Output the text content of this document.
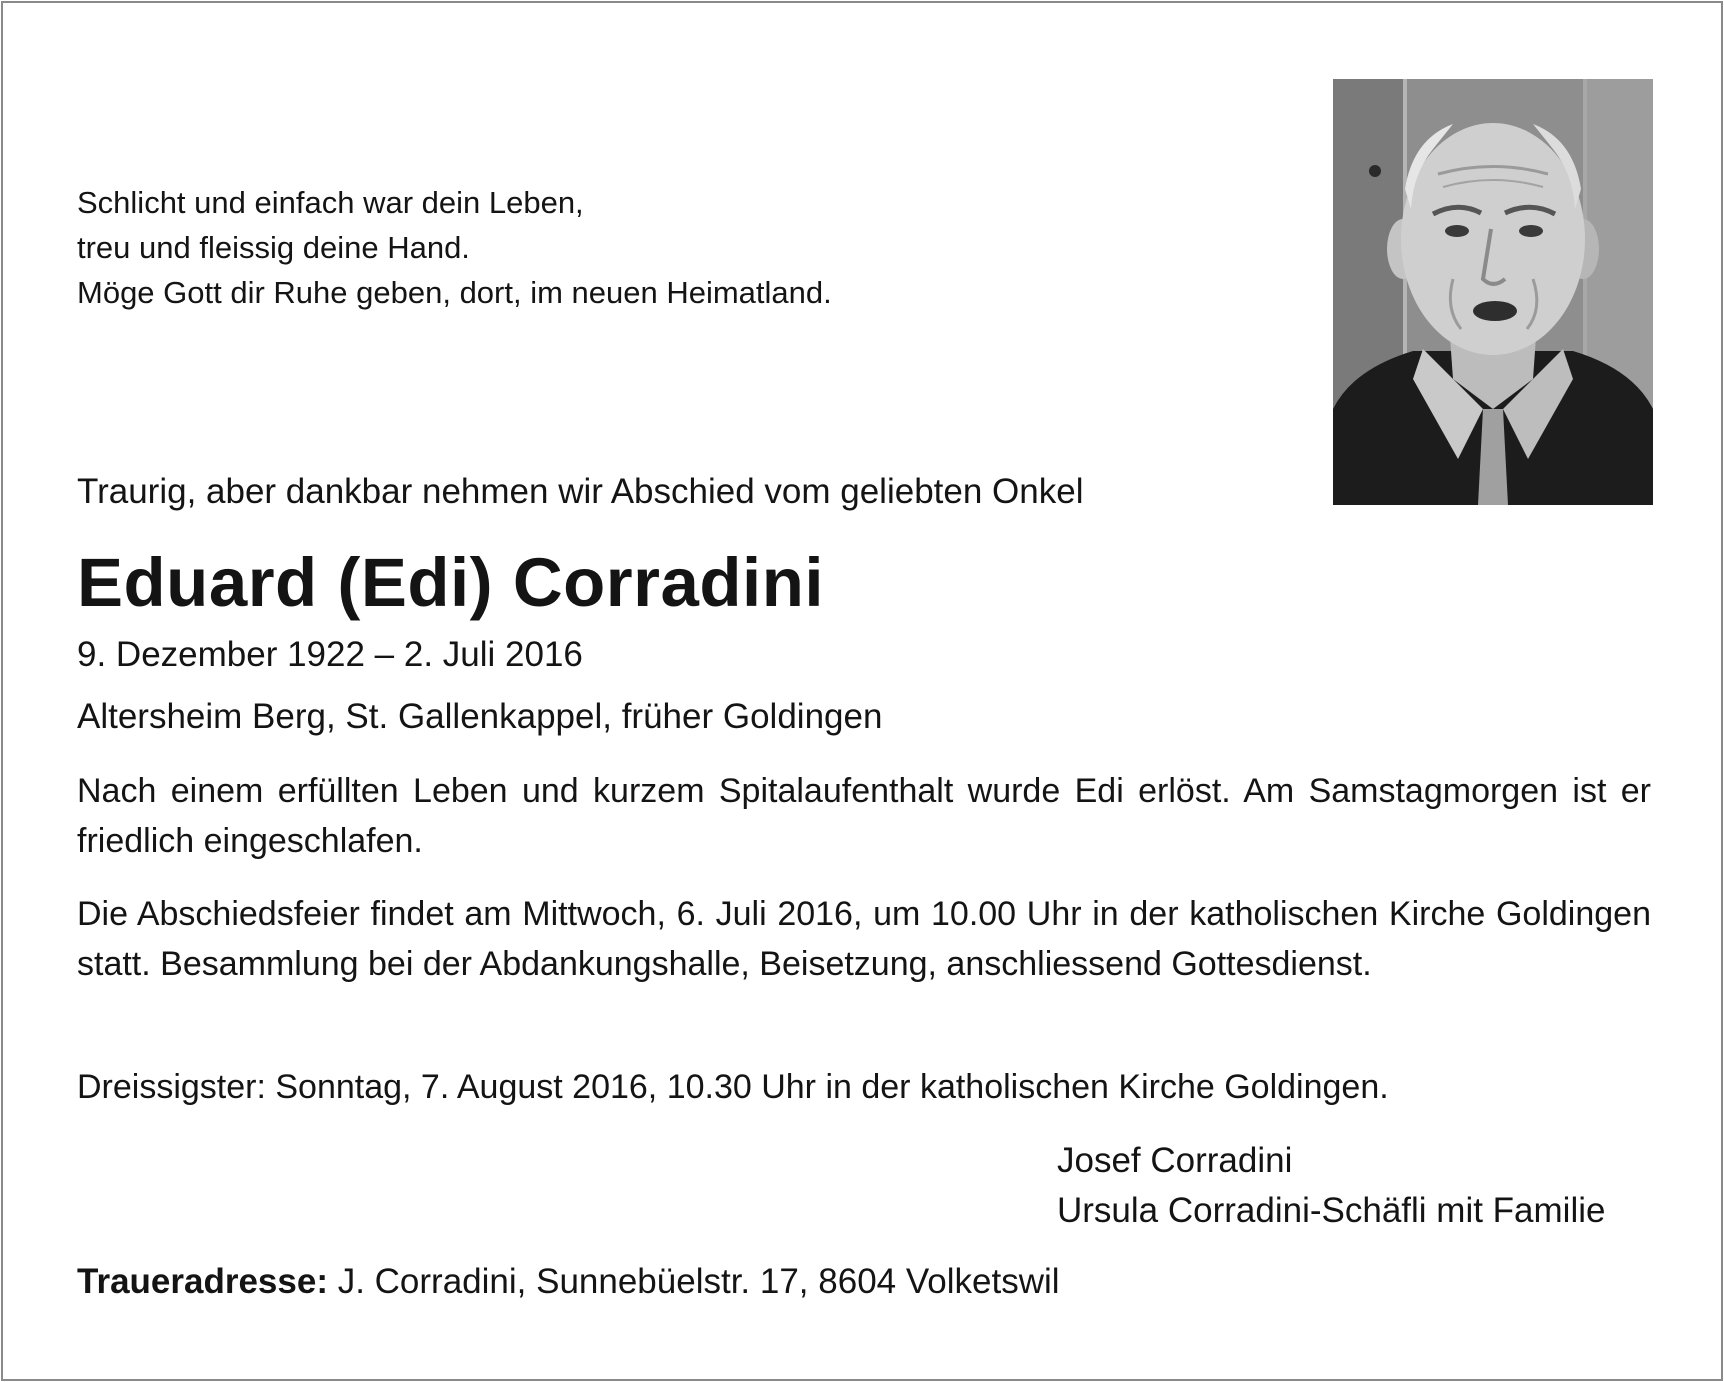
Schlicht und einfach war dein Leben,
treu und fleissig deine Hand.
Möge Gott dir Ruhe geben, dort, im neuen Heimatland.

Traurig, aber dankbar nehmen wir Abschied vom geliebten Onkel

Eduard (Edi) Corradini

9. Dezember 1922 – 2. Juli 2016

Altersheim Berg, St. Gallenkappel, früher Goldingen

Nach einem erfüllten Leben und kurzem Spitalaufenthalt wurde Edi erlöst. Am Samstagmorgen ist er friedlich eingeschlafen.

Die Abschiedsfeier findet am Mittwoch, 6. Juli 2016, um 10.00 Uhr in der katholischen Kirche Goldingen statt. Besammlung bei der Abdankungshalle, Beisetzung, anschliessend Gottesdienst.

Dreissigster: Sonntag, 7. August 2016, 10.30 Uhr in der katholischen Kirche Goldingen.

Josef Corradini
Ursula Corradini-Schäfli mit Familie

Traueradresse: J. Corradini, Sunnebüelstr. 17, 8604 Volketswil
